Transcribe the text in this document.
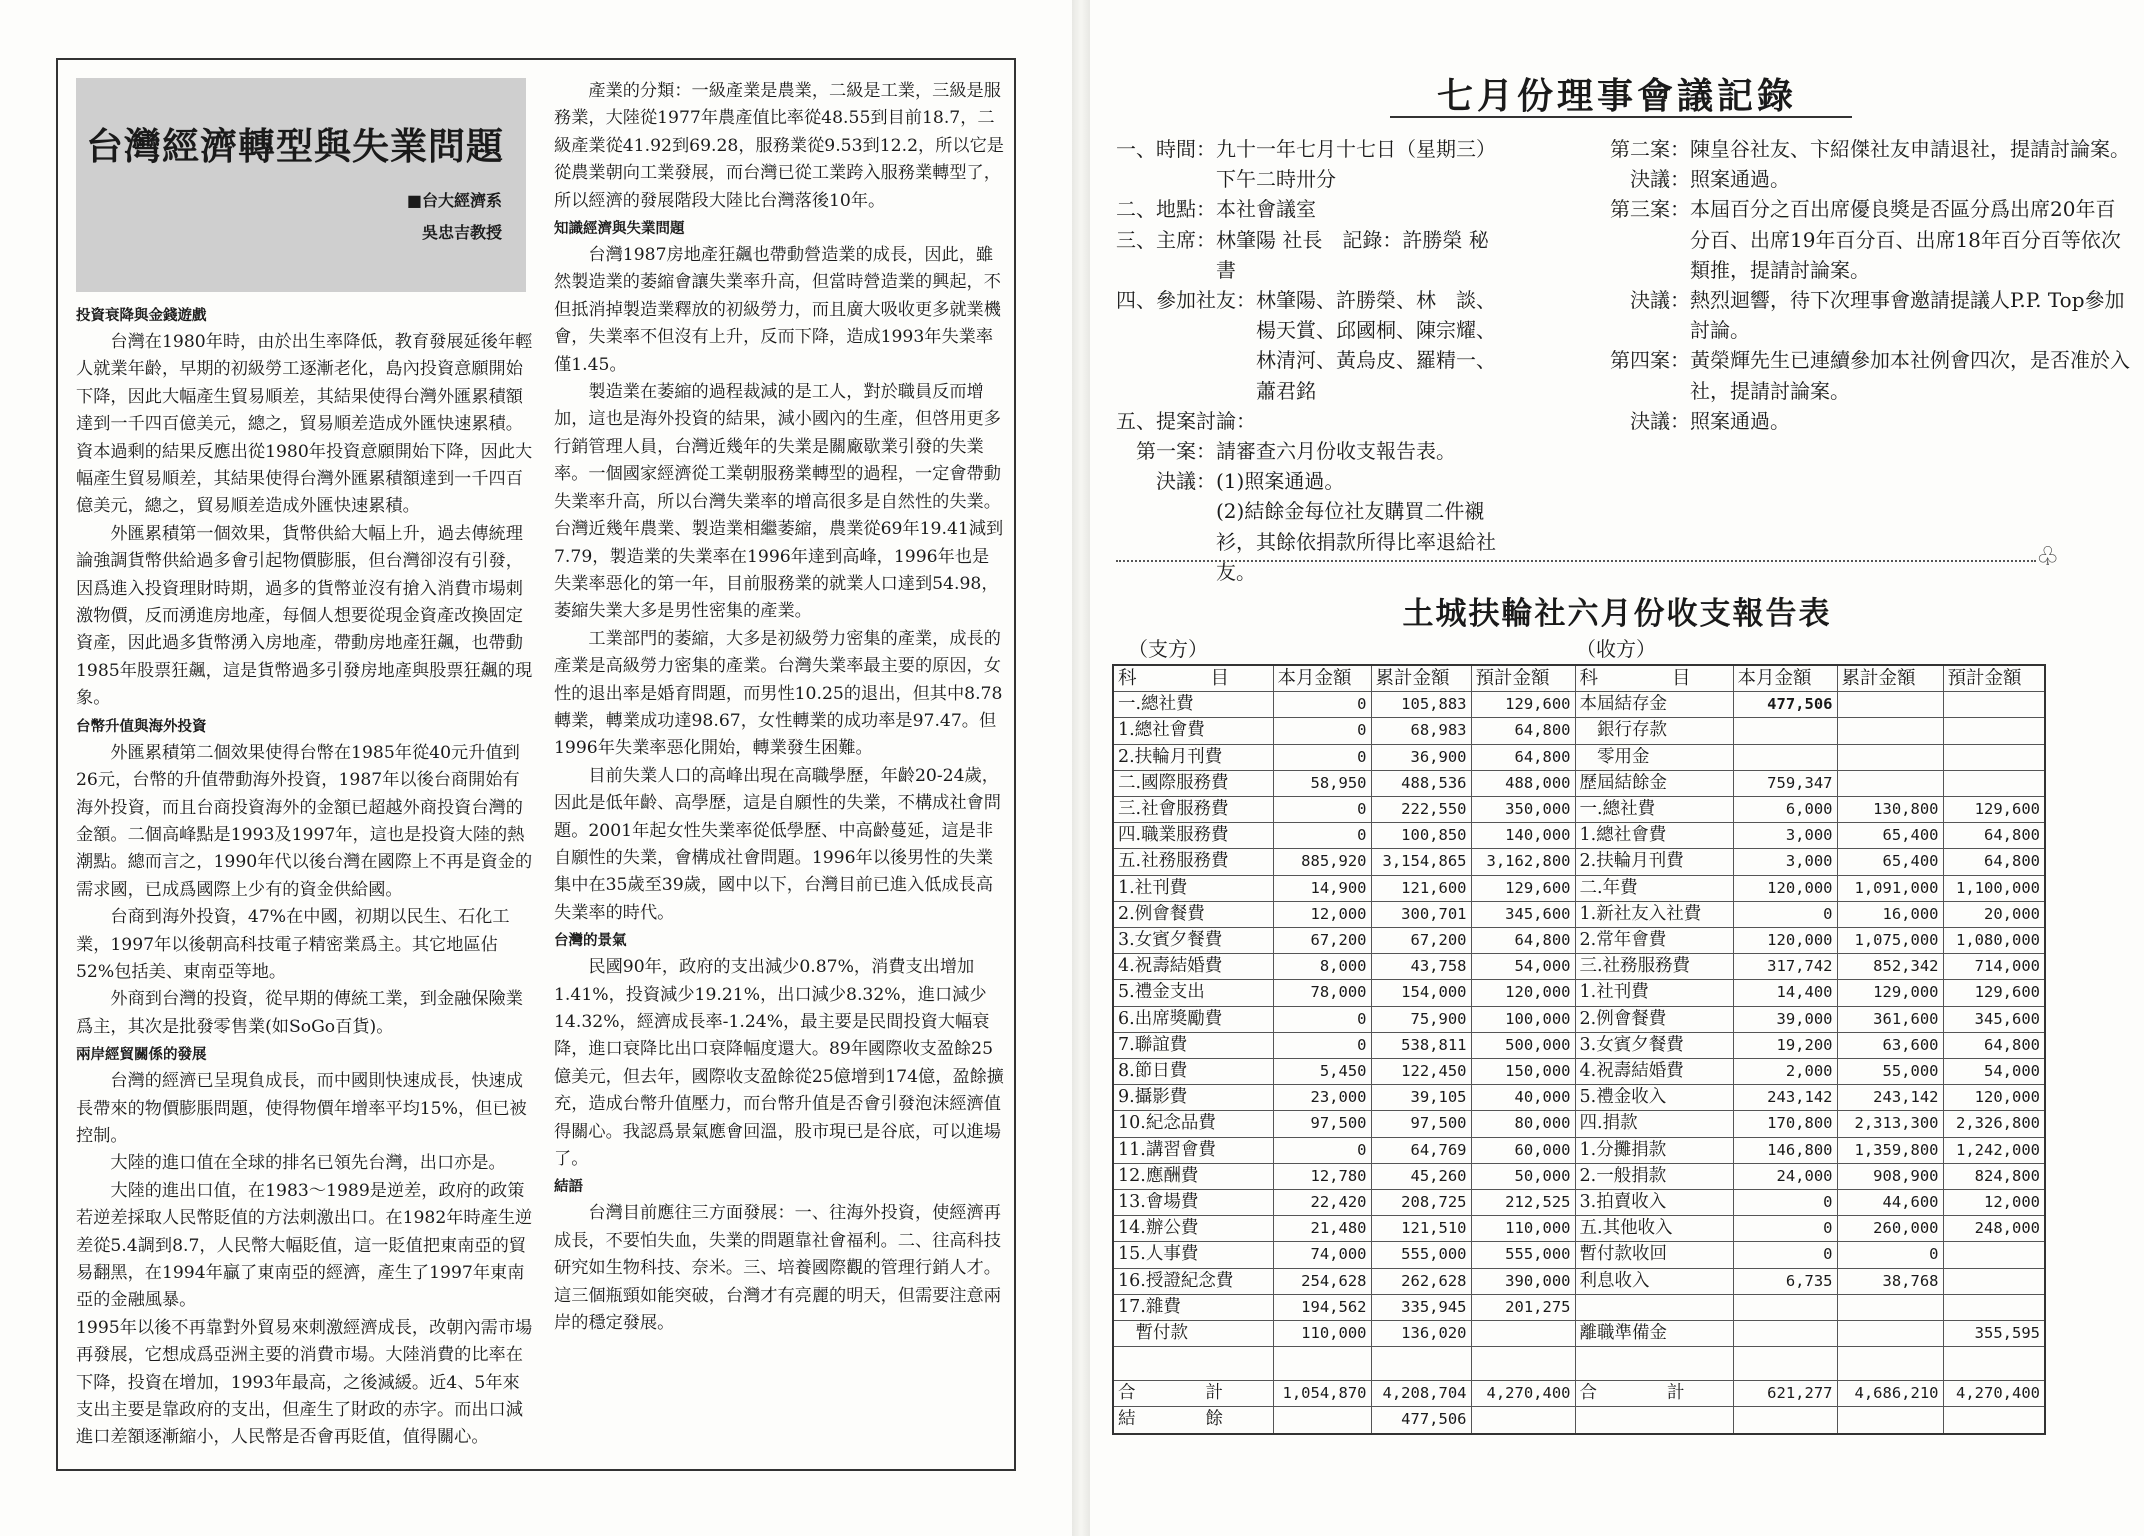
台灣經濟轉型與失業問題
■台大經濟系
吳忠吉教授
投資衰降與金錢遊戲

台灣在1980年時，由於出生率降低，教育發展延後年輕人就業年齡，早期的初級勞工逐漸老化，島內投資意願開始下降，因此大幅產生貿易順差，其結果使得台灣外匯累積額達到一千四百億美元，總之，貿易順差造成外匯快速累積。資本過剩的結果反應出從1980年投資意願開始下降，因此大幅產生貿易順差，其結果使得台灣外匯累積額達到一千四百億美元，總之，貿易順差造成外匯快速累積。

外匯累積第一個效果，貨幣供給大幅上升，過去傳統理論強調貨幣供給過多會引起物價膨脹，但台灣卻沒有引發，因爲進入投資理財時期，過多的貨幣並沒有搶入消費市場刺激物價，反而湧進房地產，每個人想要從現金資產改換固定資產，因此過多貨幣湧入房地產，帶動房地產狂飆，也帶動1985年股票狂飆，這是貨幣過多引發房地產與股票狂飆的現象。

台幣升值與海外投資

外匯累積第二個效果使得台幣在1985年從40元升值到26元，台幣的升值帶動海外投資，1987年以後台商開始有海外投資，而且台商投資海外的金額已超越外商投資台灣的金額。二個高峰點是1993及1997年，這也是投資大陸的熱潮點。總而言之，1990年代以後台灣在國際上不再是資金的需求國，已成爲國際上少有的資金供給國。

台商到海外投資，47%在中國，初期以民生、石化工業，1997年以後朝高科技電子精密業爲主。其它地區佔52%包括美、東南亞等地。

外商到台灣的投資，從早期的傳統工業，到金融保險業爲主，其次是批發零售業(如SoGo百貨)。

兩岸經貿關係的發展

台灣的經濟已呈現負成長，而中國則快速成長，快速成長帶來的物價膨脹問題，使得物價年增率平均15%，但已被控制。

大陸的進口值在全球的排名已領先台灣，出口亦是。

大陸的進出口值，在1983～1989是逆差，政府的政策若逆差採取人民幣貶值的方法刺激出口。在1982年時產生逆差從5.4調到8.7，人民幣大幅貶值，這一貶值把東南亞的貿易翻黑，在1994年贏了東南亞的經濟，產生了1997年東南亞的金融風暴。

1995年以後不再靠對外貿易來刺激經濟成長，改朝內需市場再發展，它想成爲亞洲主要的消費市場。大陸消費的比率在下降，投資在增加，1993年最高，之後減緩。近4、5年來支出主要是靠政府的支出，但產生了財政的赤字。而出口減進口差額逐漸縮小，人民幣是否會再貶值，值得關心。

產業的分類：一級產業是農業，二級是工業，三級是服務業，大陸從1977年農產值比率從48.55到目前18.7，二級產業從41.92到69.28，服務業從9.53到12.2，所以它是從農業朝向工業發展，而台灣已從工業跨入服務業轉型了，所以經濟的發展階段大陸比台灣落後10年。

知識經濟與失業問題

台灣1987房地產狂飆也帶動營造業的成長，因此，雖然製造業的萎縮會讓失業率升高，但當時營造業的興起，不但抵消掉製造業釋放的初級勞力，而且廣大吸收更多就業機會，失業率不但沒有上升，反而下降，造成1993年失業率僅1.45。

製造業在萎縮的過程裁減的是工人，對於職員反而增加，這也是海外投資的結果，減小國內的生產，但啓用更多行銷管理人員，台灣近幾年的失業是關廠歇業引發的失業率。一個國家經濟從工業朝服務業轉型的過程，一定會帶動失業率升高，所以台灣失業率的增高很多是自然性的失業。台灣近幾年農業、製造業相繼萎縮，農業從69年19.41減到7.79，製造業的失業率在1996年達到高峰，1996年也是失業率惡化的第一年，目前服務業的就業人口達到54.98，萎縮失業大多是男性密集的產業。

工業部門的萎縮，大多是初級勞力密集的產業，成長的產業是高級勞力密集的產業。台灣失業率最主要的原因，女性的退出率是婚育問題，而男性10.25的退出，但其中8.78轉業，轉業成功達98.67，女性轉業的成功率是97.47。但1996年失業率惡化開始，轉業發生困難。

目前失業人口的高峰出現在高職學歷，年齡20-24歲，因此是低年齡、高學歷，這是自願性的失業，不構成社會問題。2001年起女性失業率從低學歷、中高齡蔓延，這是非自願性的失業，會構成社會問題。1996年以後男性的失業集中在35歲至39歲，國中以下，台灣目前已進入低成長高失業率的時代。

台灣的景氣

民國90年，政府的支出減少0.87%，消費支出增加1.41%，投資減少19.21%，出口減少8.32%，進口減少14.32%，經濟成長率-1.24%，最主要是民間投資大幅衰降，進口衰降比出口衰降幅度還大。89年國際收支盈餘25億美元，但去年，國際收支盈餘從25億增到174億，盈餘擴充，造成台幣升值壓力，而台幣升值是否會引發泡沫經濟值得關心。我認爲景氣應會回溫，股市現已是谷底，可以進場了。

結語

台灣目前應往三方面發展：一、往海外投資，使經濟再成長，不要怕失血，失業的問題靠社會福利。二、往高科技研究如生物科技、奈米。三、培養國際觀的管理行銷人才。這三個瓶頸如能突破，台灣才有亮麗的明天，但需要注意兩岸的穩定發展。

七月份理事會議記錄
一、時間： 九十一年七月十七日（星期三）下午二時卅分
二、地點： 本社會議室
三、主席： 林肇陽 社長　記錄：許勝榮 秘書
四、參加社友： 林肇陽、許勝榮、林　談、楊天賞、邱國桐、陳宗耀、林清河、黃烏皮、羅精一、蕭君銘
五、提案討論：
　第一案： 請審查六月份收支報告表。
　　決議： (1)照案通過。

(2)結餘金每位社友購買二件襯衫，其餘依捐款所得比率退給社友。
第二案： 陳皇谷社友、卞紹傑社友申請退社，提請討論案。
　決議： 照案通過。
第三案： 本屆百分之百出席優良獎是否區分爲出席20年百分百、出席19年百分百、出席18年百分百等依次類推，提請討論案。
　決議： 熱烈迴響，待下次理事會邀請提議人P.P. Top參加討論。
第四案： 黃榮輝先生已連續參加本社例會四次，是否准於入社，提請討論案。
　決議： 照案通過。
♧
土城扶輪社六月份收支報告表
（支方）	（收方）
科　　　　目	本月金額	累計金額	預計金額	科　　　　目	本月金額	累計金額	預計金額
一.總社費	0	105,883	129,600	本屆結存金	477,506		
1.總社會費	0	68,983	64,800	　銀行存款			
2.扶輪月刊費	0	36,900	64,800	　零用金			
二.國際服務費	58,950	488,536	488,000	歷屆結餘金	759,347		
三.社會服務費	0	222,550	350,000	一.總社費	6,000	130,800	129,600
四.職業服務費	0	100,850	140,000	1.總社會費	3,000	65,400	64,800
五.社務服務費	885,920	3,154,865	3,162,800	2.扶輪月刊費	3,000	65,400	64,800
1.社刊費	14,900	121,600	129,600	二.年費	120,000	1,091,000	1,100,000
2.例會餐費	12,000	300,701	345,600	1.新社友入社費	0	16,000	20,000
3.女賓夕餐費	67,200	67,200	64,800	2.常年會費	120,000	1,075,000	1,080,000
4.祝壽結婚費	8,000	43,758	54,000	三.社務服務費	317,742	852,342	714,000
5.禮金支出	78,000	154,000	120,000	1.社刊費	14,400	129,000	129,600
6.出席獎勵費	0	75,900	100,000	2.例會餐費	39,000	361,600	345,600
7.聯誼費	0	538,811	500,000	3.女賓夕餐費	19,200	63,600	64,800
8.節日費	5,450	122,450	150,000	4.祝壽結婚費	2,000	55,000	54,000
9.攝影費	23,000	39,105	40,000	5.禮金收入	243,142	243,142	120,000
10.紀念品費	97,500	97,500	80,000	四.捐款	170,800	2,313,300	2,326,800
11.講習會費	0	64,769	60,000	1.分攤捐款	146,800	1,359,800	1,242,000
12.應酬費	12,780	45,260	50,000	2.一般捐款	24,000	908,900	824,800
13.會場費	22,420	208,725	212,525	3.拍賣收入	0	44,600	12,000
14.辦公費	21,480	121,510	110,000	五.其他收入	0	260,000	248,000
15.人事費	74,000	555,000	555,000	暫付款收回	0	0	
16.授證紀念費	254,628	262,628	390,000	利息收入	6,735	38,768	
17.雜費	194,562	335,945	201,275				
　暫付款	110,000	136,020		離職準備金			355,595

合　　　　計	1,054,870	4,208,704	4,270,400	合　　　　計	621,277	4,686,210	4,270,400
結　　　　餘		477,506					
